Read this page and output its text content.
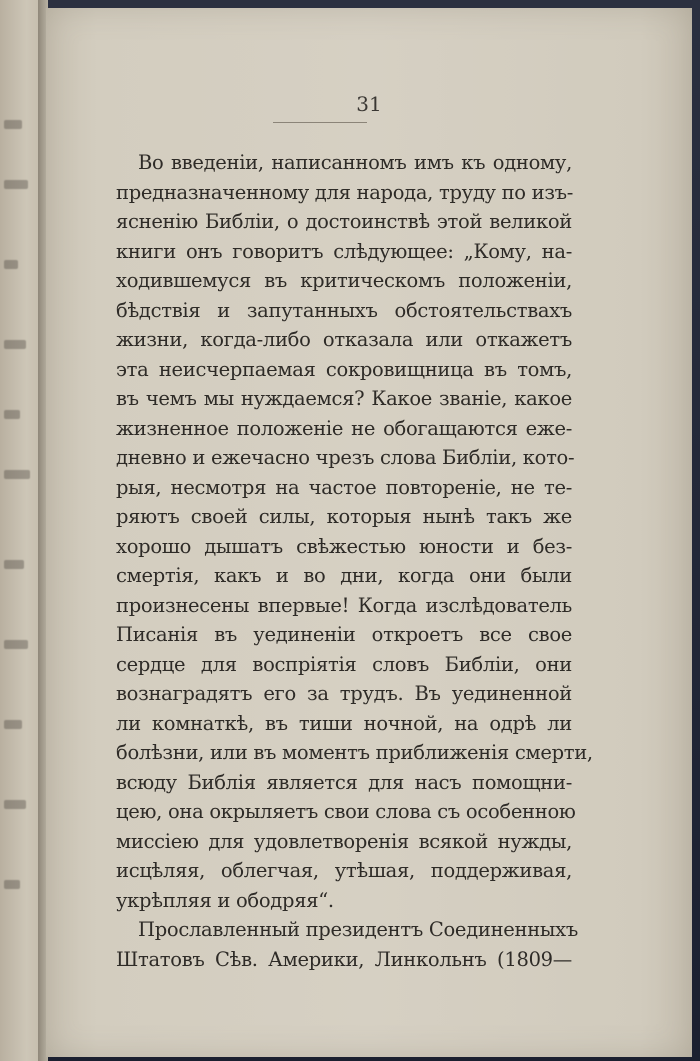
31
Во введеніи, написанномъ имъ къ одному,
предназначенному для народа, труду по изъ-
ясненію Библіи, о достоинствѣ этой великой
книги онъ говоритъ слѣдующее: „Кому, на-
ходившемуся въ критическомъ положеніи,
бѣдствія и запутанныхъ обстоятельствахъ
жизни, когда-либо отказала или откажетъ
эта неисчерпаемая сокровищница въ томъ,
въ чемъ мы нуждаемся? Какое званіе, какое
жизненное положеніе не обогащаются еже-
дневно и ежечасно чрезъ слова Библіи, кото-
рыя, несмотря на частое повтореніе, не те-
ряютъ своей силы, которыя нынѣ такъ же
хорошо дышатъ свѣжестью юности и без-
смертія, какъ и во дни, когда они были
произнесены впервые! Когда изслѣдователь
Писанія въ уединеніи откроетъ все свое
сердце для воспріятія словъ Библіи, они
вознаградятъ его за трудъ. Въ уединенной
ли комнаткѣ, въ тиши ночной, на одрѣ ли
болѣзни, или въ моментъ приближенія смерти,
всюду Библія является для насъ помощни-
цею, она окрыляетъ свои слова съ особенною
миссіею для удовлетворенія всякой нужды,
исцѣляя, облегчая, утѣшая, поддерживая,
укрѣпляя и ободряя“.
Прославленный президентъ Соединенныхъ
Штатовъ Сѣв. Америки, Линкольнъ (1809—
